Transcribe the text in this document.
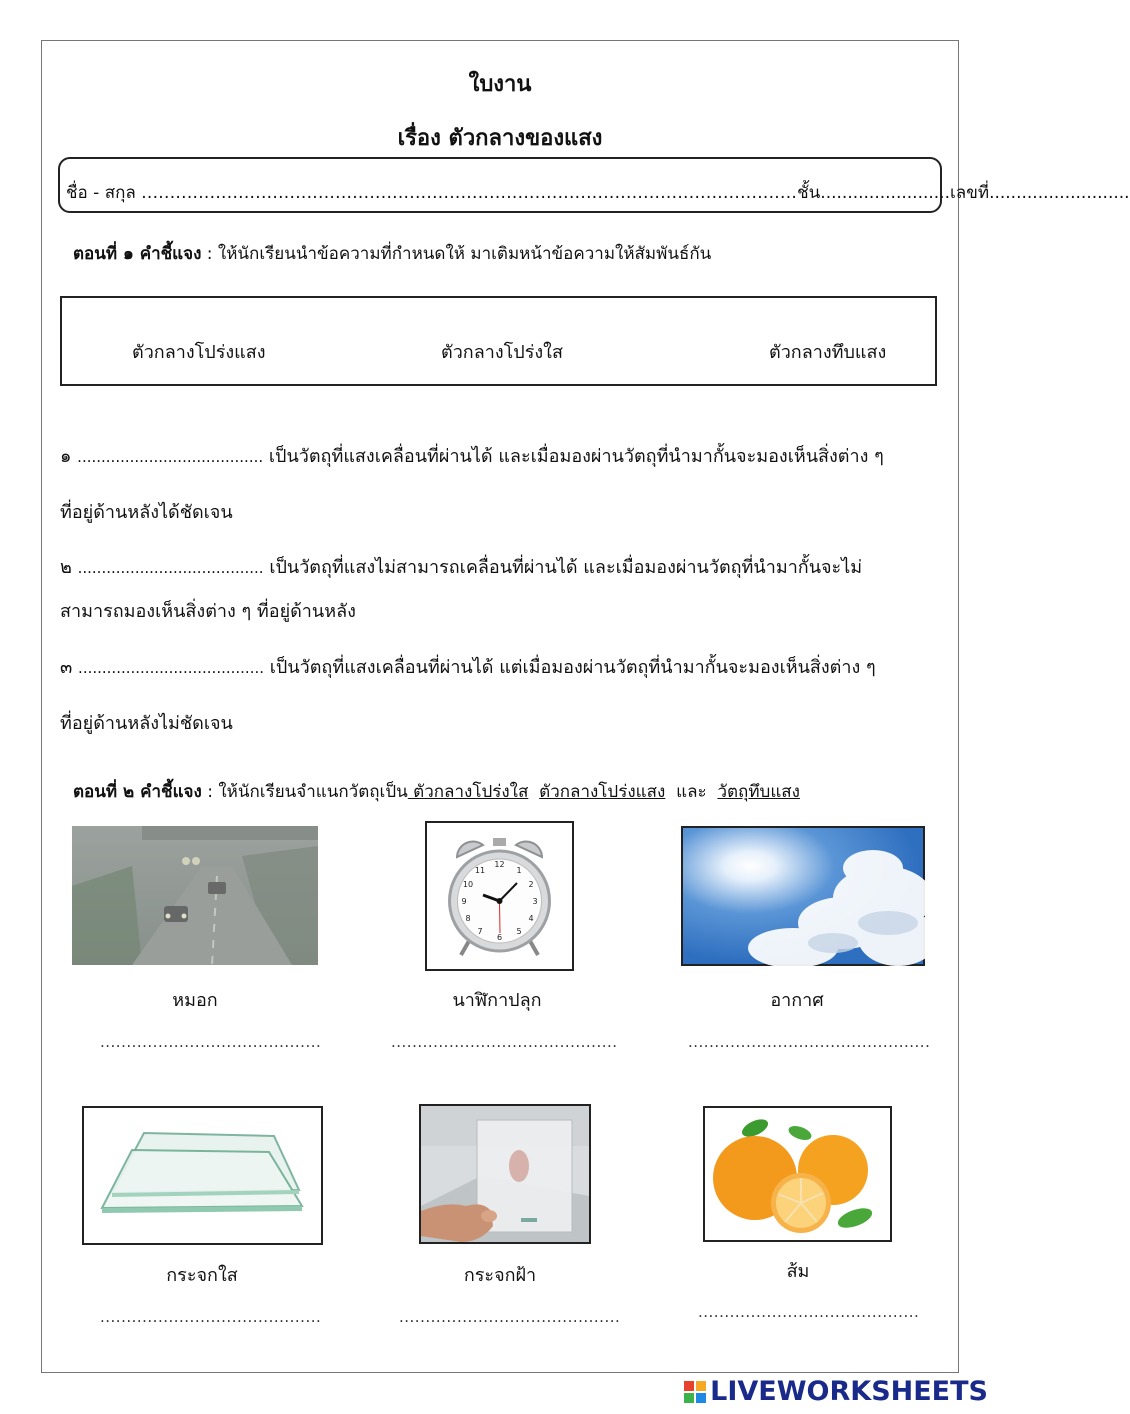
ใบงาน
เรื่อง ตัวกลางของแสง
ชื่อ - สกุล ...................................................................................................................ชั้น........................เลขที่..........................
ตอนที่ ๑ คำชี้แจง : ให้นักเรียนนำข้อความที่กำหนดให้ มาเติมหน้าข้อความให้สัมพันธ์กัน
ตัวกลางโปร่งแสง	ตัวกลางโปร่งใส	ตัวกลางทึบแสง
๑ ....................................... เป็นวัตถุที่แสงเคลื่อนที่ผ่านได้ และเมื่อมองผ่านวัตถุที่นำมากั้นจะมองเห็นสิ่งต่าง ๆ
ที่อยู่ด้านหลังได้ชัดเจน
๒ ....................................... เป็นวัตถุที่แสงไม่สามารถเคลื่อนที่ผ่านได้ และเมื่อมองผ่านวัตถุที่นำมากั้นจะไม่
สามารถมองเห็นสิ่งต่าง ๆ ที่อยู่ด้านหลัง
๓ ....................................... เป็นวัตถุที่แสงเคลื่อนที่ผ่านได้ แต่เมื่อมองผ่านวัตถุที่นำมากั้นจะมองเห็นสิ่งต่าง ๆ
ที่อยู่ด้านหลังไม่ชัดเจน
ตอนที่ ๒ คำชี้แจง : ให้นักเรียนจำแนกวัตถุเป็น ตัวกลางโปร่งใส ตัวกลางโปร่งแสง และ วัตถุทึบแสง
หมอก
..........................................
12
1
2
3
4
5
6
7
8
9
10
11
นาฬิกาปลุก
...........................................
อากาศ
..............................................
กระจกใส
..........................................
กระจกฝ้า
..........................................
ส้ม
..........................................
LIVEWORKSHEETS
